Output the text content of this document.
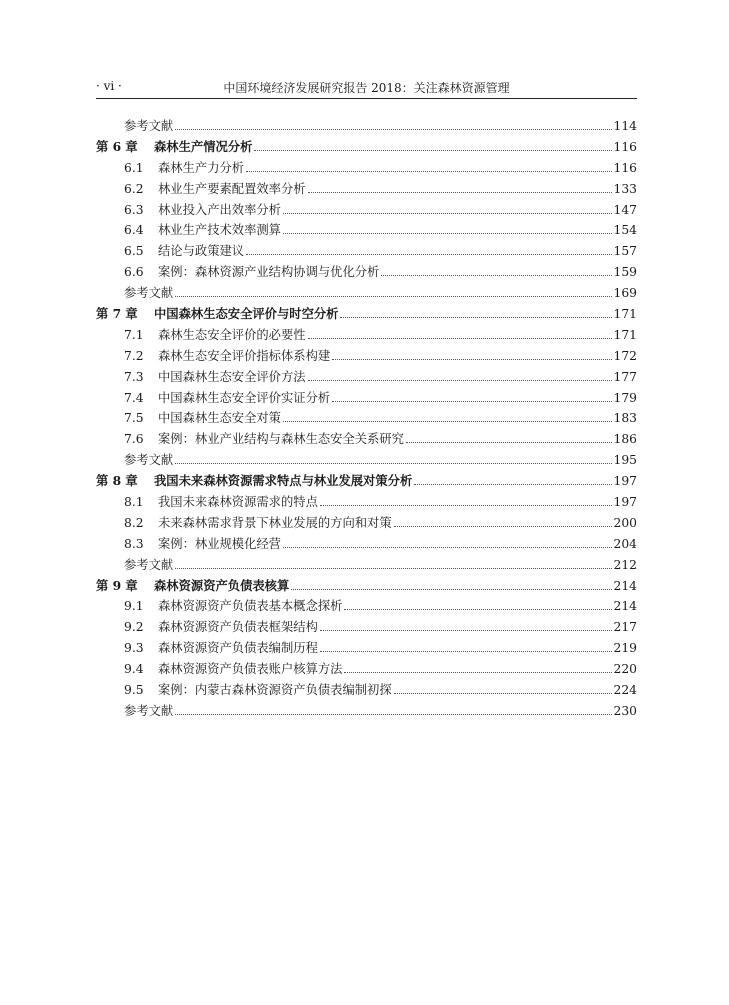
· vi ·	中国环境经济发展研究报告 2018：关注森林资源管理
参考文献	114
第 6 章	森林生产情况分析	116
6.1	森林生产力分析	116
6.2	林业生产要素配置效率分析	133
6.3	林业投入产出效率分析	147
6.4	林业生产技术效率测算	154
6.5	结论与政策建议	157
6.6	案例：森林资源产业结构协调与优化分析	159
参考文献	169
第 7 章	中国森林生态安全评价与时空分析	171
7.1	森林生态安全评价的必要性	171
7.2	森林生态安全评价指标体系构建	172
7.3	中国森林生态安全评价方法	177
7.4	中国森林生态安全评价实证分析	179
7.5	中国森林生态安全对策	183
7.6	案例：林业产业结构与森林生态安全关系研究	186
参考文献	195
第 8 章	我国未来森林资源需求特点与林业发展对策分析	197
8.1	我国未来森林资源需求的特点	197
8.2	未来森林需求背景下林业发展的方向和对策	200
8.3	案例：林业规模化经营	204
参考文献	212
第 9 章	森林资源资产负债表核算	214
9.1	森林资源资产负债表基本概念探析	214
9.2	森林资源资产负债表框架结构	217
9.3	森林资源资产负债表编制历程	219
9.4	森林资源资产负债表账户核算方法	220
9.5	案例：内蒙古森林资源资产负债表编制初探	224
参考文献	230
